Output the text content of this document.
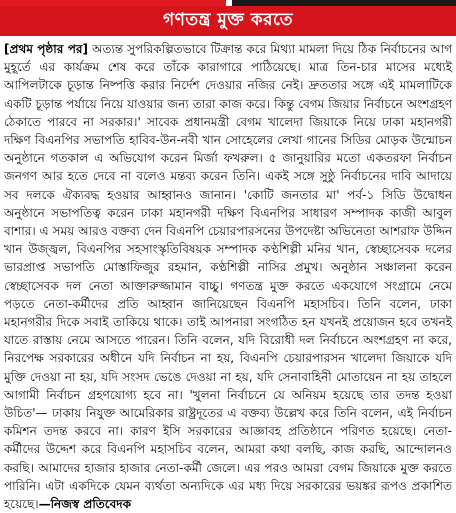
গণতন্ত্র মুক্ত করতে

[প্রথম পৃষ্ঠার পর] অত্যন্ত সুপরিকল্পিতভাবে টিক্রান্ত করে মিথ্যা মামলা দিয়ে ঠিক নির্বাচনের আগ মুহূর্তে এর কার্যক্রম শেষ করে তাঁকে কারাগারে পাঠিয়েছে। মাত্র তিন-চার মাসের মধ্যেই আপিলটাকে চূড়ান্ত নিষ্পত্তি করার নির্দেশ দেওয়ার নজির নেই। দ্রুততার সঙ্গে এই মামলাটিকে একটি চূড়ান্ত পর্যায়ে নিয়ে যাওয়ার জন্য তারা কাজ করে। কিন্তু বেগম জিয়ার নির্বাচনে অংশগ্রহণ ঠেকাতে পারবে না সরকার।' সাবেক প্রধানমন্ত্রী বেগম খালেদা জিয়াকে নিয়ে ঢাকা মহানগরী দক্ষিণ বিএনপির সভাপতি হাবিব-উন-নবী খান সোহেলের লেখা গানের সিডির মোড়ক উন্মোচন অনুষ্ঠানে গতকাল এ অভিযোগ করেন মির্জা ফখরুল। ৫ জানুয়ারির মতো একতরফা নির্বাচন জনগণ আর হতে দেবে না বলেও মন্তব্য করেন তিনি। একই সঙ্গে সুষ্ঠু নির্বাচনের দাবি আদায়ে সব দলকে ঐক্যবদ্ধ হওয়ার আহ্বানও জানান। 'কোটি জনতার মা' পর্ব-১ সিডি উদ্বোধন অনুষ্ঠানে সভাপতিত্ব করেন ঢাকা মহানগরী দক্ষিণ বিএনপির সাধারণ সম্পাদক কাজী আবুল বাশার। এ সময় আরও বক্তব্য দেন বিএনপি চেয়ারপারসনের উপদেষ্টা অভিনেতা আশরাফ উদ্দিন খান উজ্জ্বল, বিএনপির সহসাংস্কৃতিবিষয়ক সম্পাদক কণ্ঠশিল্পী মনির খান, স্বেচ্ছাসেবক দলের ভারপ্রাপ্ত সভাপতি মোস্তাফিজুর রহমান, কণ্ঠশিল্পী নাসির প্রমুখ। অনুষ্ঠান সঞ্চালনা করেন স্বেচ্ছাসেবক দল নেতা আক্তারুজ্জামান বাচ্চু। গণতন্ত্র মুক্ত করতে একযোগে সংগ্রামে নেমে পড়তে নেতা-কর্মীদের প্রতি আহ্বান জানিয়েছেন বিএনপি মহাসচিব। তিনি বলেন, ঢাকা মহানগরীর দিকে সবাই তাকিয়ে থাকে। তাই আপনারা সংগঠিত হন যখনই প্রয়োজন হবে তখনই যাতে রাস্তায় নেমে আসতে পারেন। তিনি বলেন, যদি বিরোধী দল নির্বাচনে অংশগ্রহণ না করে, নিরপেক্ষ সরকারের অধীনে যদি নির্বাচন না হয়, বিএনপি চেয়ারপারসন খালেদা জিয়াকে যদি মুক্তি দেওয়া না হয়, যদি সংসদ ভেঙে দেওয়া না হয়, যদি সেনাবাহিনী মোতায়েন না হয় তাহলে আগামী নির্বাচন গ্রহণযোগ্য হবে না। 'খুলনা নির্বাচনে যে অনিয়ম হয়েছে তার তদন্ত হওয়া উচিত'— ঢাকায় নিযুক্ত আমেরিকার রাষ্ট্রদূতের এ বক্তব্য উল্লেখ করে তিনি বলেন, এই নির্বাচন কমিশন তদন্ত করবে না। কারণ ইসি সরকারের আজ্ঞাবহ প্রতিষ্ঠানে পরিণত হয়েছে। নেতা-কর্মীদের উদ্দেশ করে বিএনপি মহাসচিব বলেন, আমরা কথা বলছি, কাজ করছি, আন্দোলনও করছি। আমাদের হাজার হাজার নেতা-কর্মী জেলে। এর পরও আমরা বেগম জিয়াকে মুক্ত করতে পারিনি। এটা একদিকে যেমন ব্যর্থতা অন্যদিকে এর মধ্য দিয়ে সরকারের ভয়ঙ্কর রূপও প্রকাশিত হয়েছে।—নিজস্ব প্রতিবেদক
